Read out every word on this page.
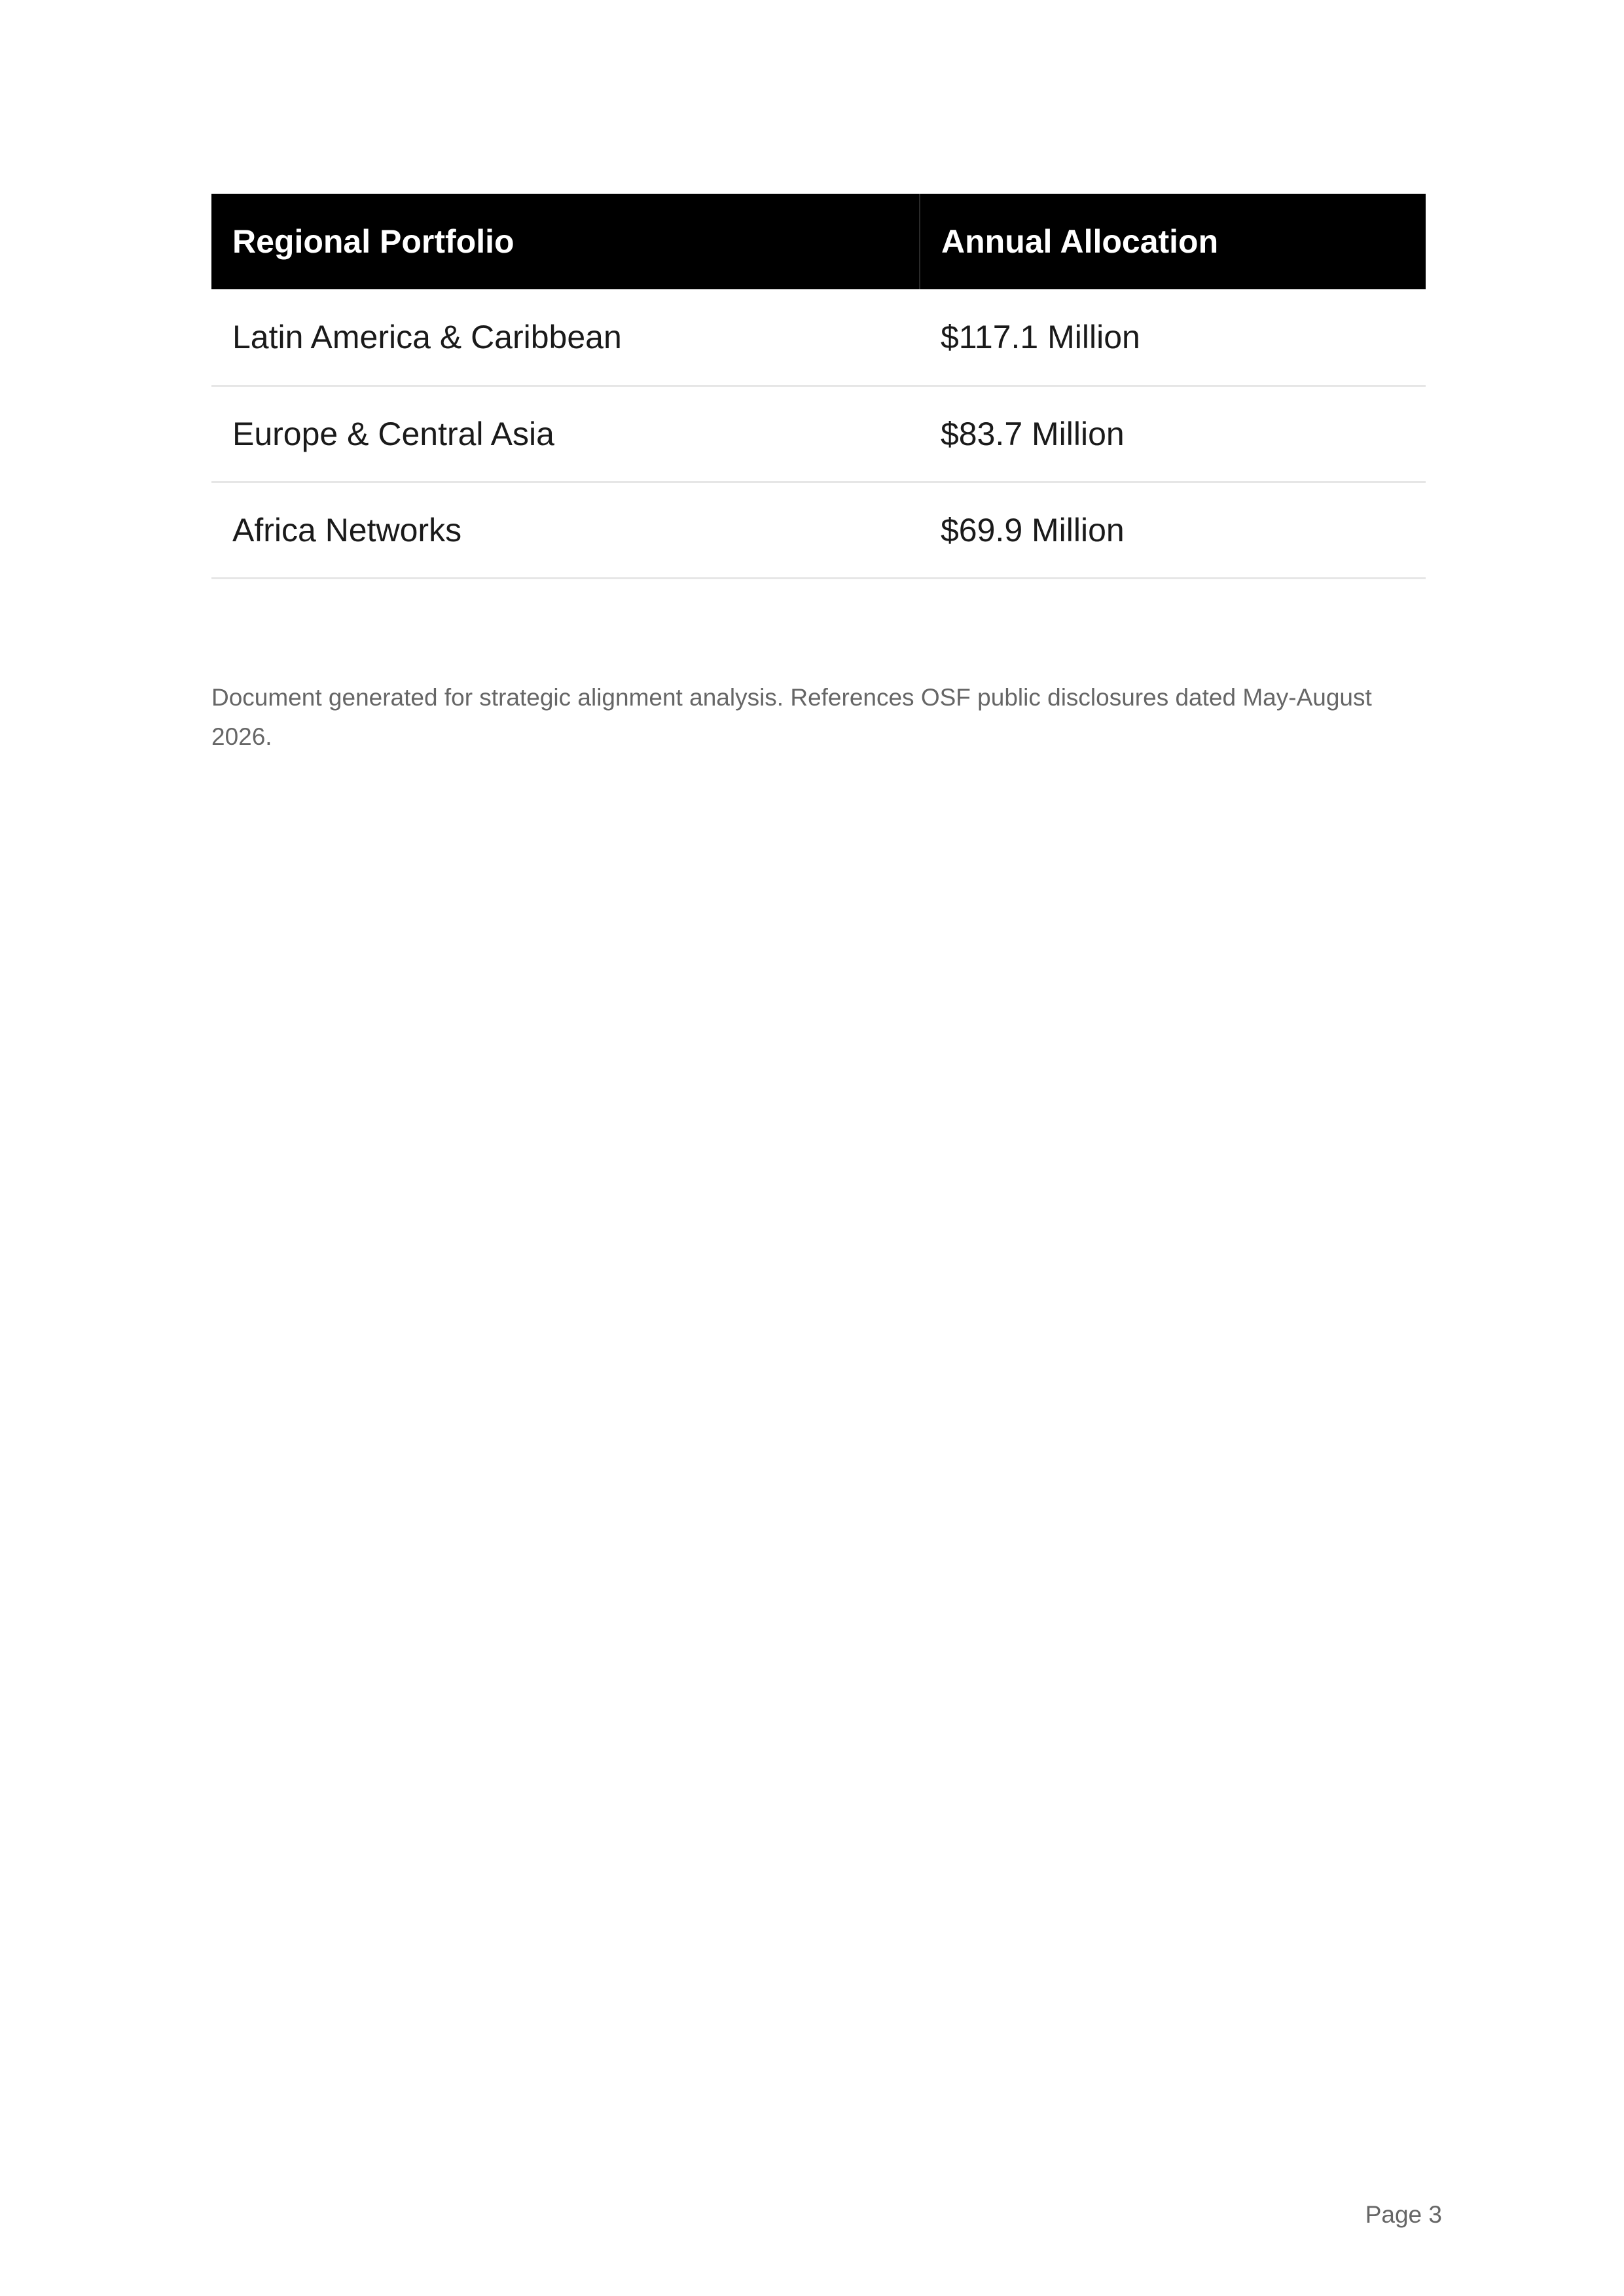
Regional Portfolio	Annual Allocation
Latin America & Caribbean	$117.1 Million
Europe & Central Asia	$83.7 Million
Africa Networks	$69.9 Million

Document generated for strategic alignment analysis. References OSF public disclosures dated May-August 2026.

Page 3
